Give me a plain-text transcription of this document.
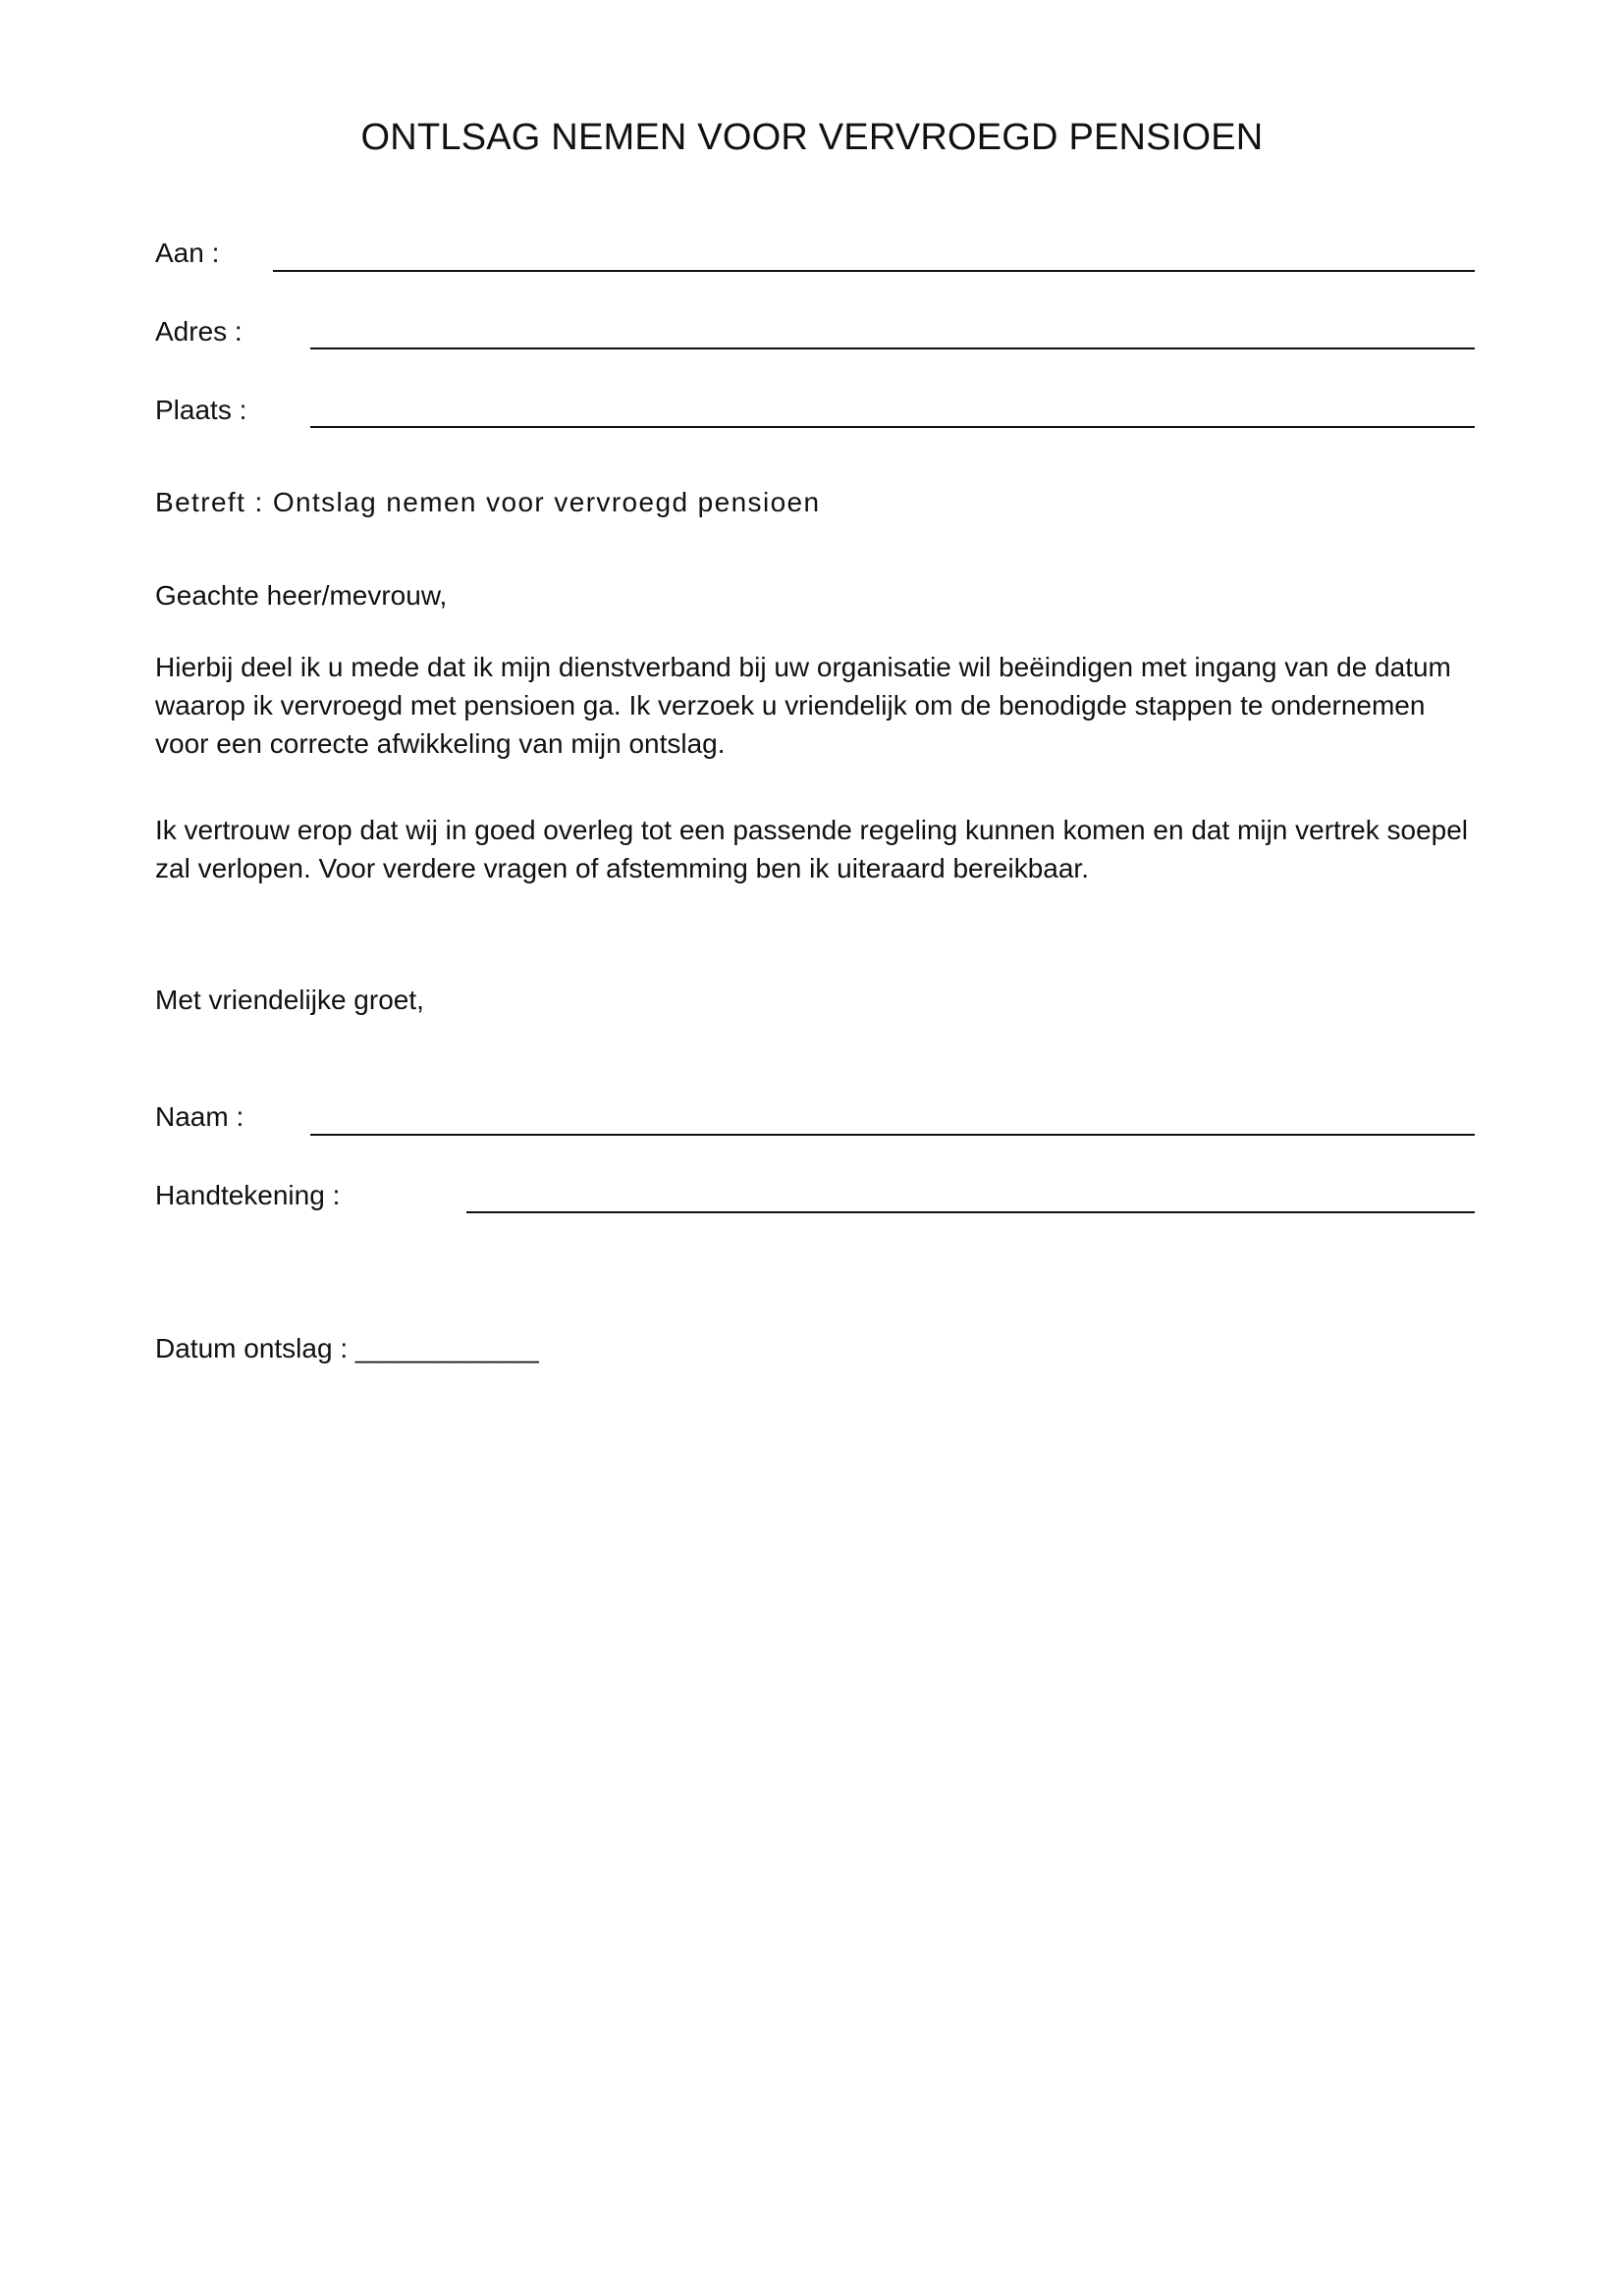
ONTLSAG NEMEN VOOR VERVROEGD PENSIOEN
Aan :
Adres :
Plaats :
Betreft : Ontslag nemen voor vervroegd pensioen
Geachte heer/mevrouw,

Hierbij deel ik u mede dat ik mijn dienstverband bij uw organisatie wil beëindigen met ingang van de datum waarop ik vervroegd met pensioen ga. Ik verzoek u vriendelijk om de benodigde stappen te ondernemen voor een correcte afwikkeling van mijn ontslag.

Ik vertrouw erop dat wij in goed overleg tot een passende regeling kunnen komen en dat mijn vertrek soepel zal verlopen. Voor verdere vragen of afstemming ben ik uiteraard bereikbaar.

Met vriendelijke groet,
Naam :
Handtekening :
Datum ontslag : ____________
